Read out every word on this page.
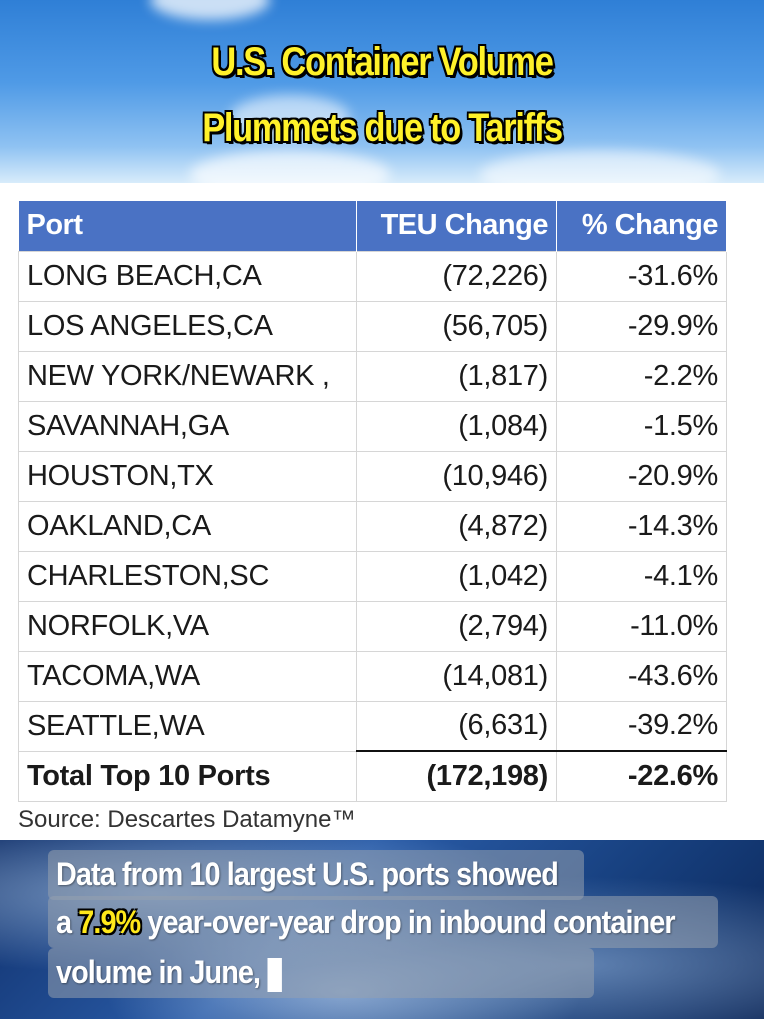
U.S. Container Volume
Plummets due to Tariffs
Port	TEU Change	% Change
LONG BEACH,CA	(72,226)	-31.6%
LOS ANGELES,CA	(56,705)	-29.9%
NEW YORK/NEWARK ,	(1,817)	-2.2%
SAVANNAH,GA	(1,084)	-1.5%
HOUSTON,TX	(10,946)	-20.9%
OAKLAND,CA	(4,872)	-14.3%
CHARLESTON,SC	(1,042)	-4.1%
NORFOLK,VA	(2,794)	-11.0%
TACOMA,WA	(14,081)	-43.6%
SEATTLE,WA	(6,631)	-39.2%
Total Top 10 Ports	(172,198)	-22.6%
Source: Descartes Datamyne™
Data from 10 largest U.S. ports showed
a 7.9% year-over-year drop in inbound container
volume in June,
